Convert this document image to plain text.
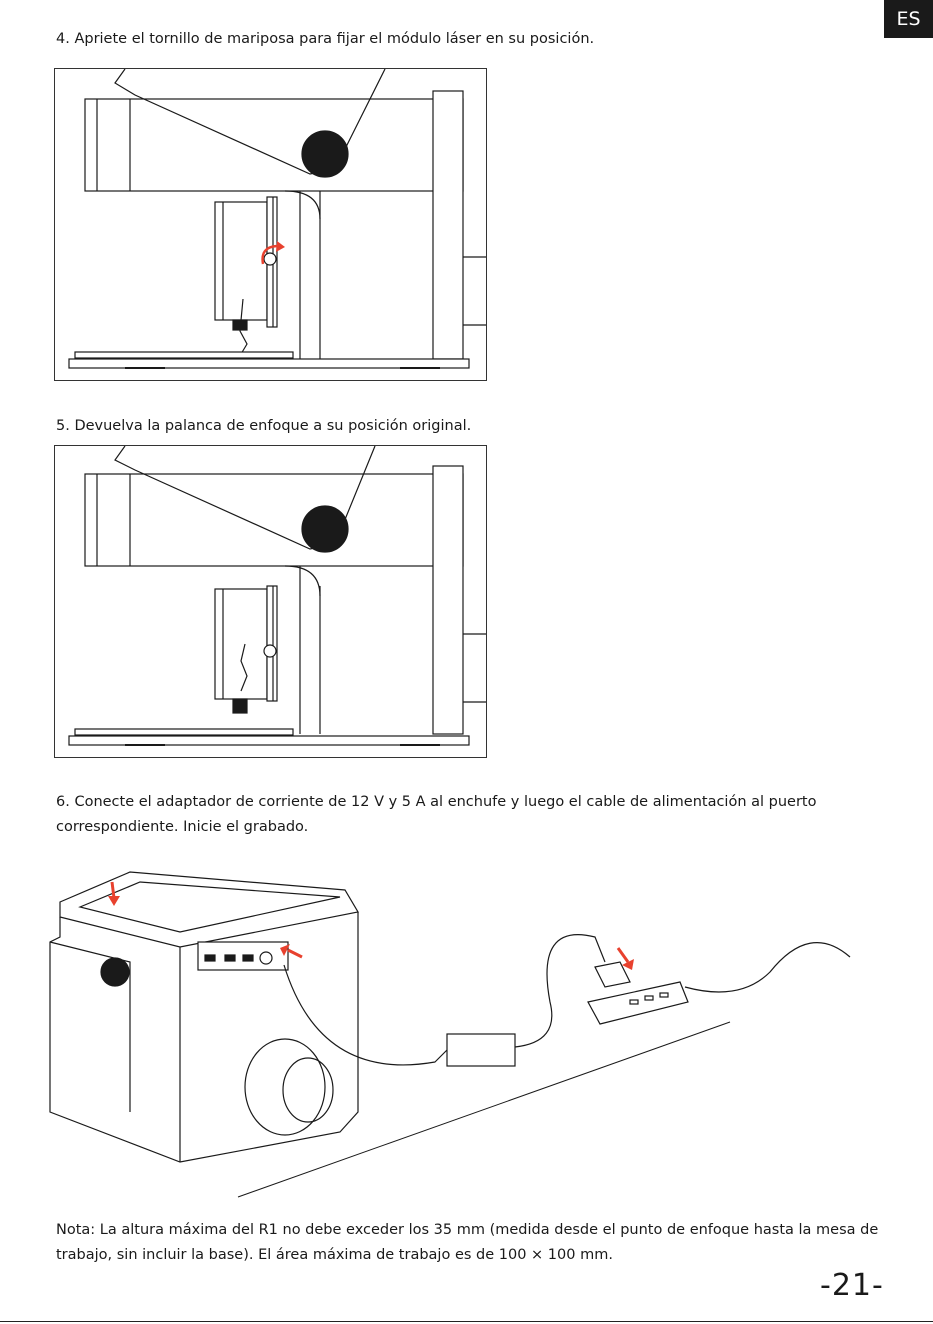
ES

4. Apriete el tornillo de mariposa para fijar el módulo láser en su posición.

5. Devuelva la palanca de enfoque a su posición original.

6. Conecte el adaptador de corriente de 12 V y 5 A al enchufe y luego el cable de alimentación al puerto correspondiente. Inicie el grabado.

Nota: La altura máxima del R1 no debe exceder los 35 mm (medida desde el punto de enfoque hasta la mesa de trabajo, sin incluir la base). El área máxima de trabajo es de 100 × 100 mm.

-21-
